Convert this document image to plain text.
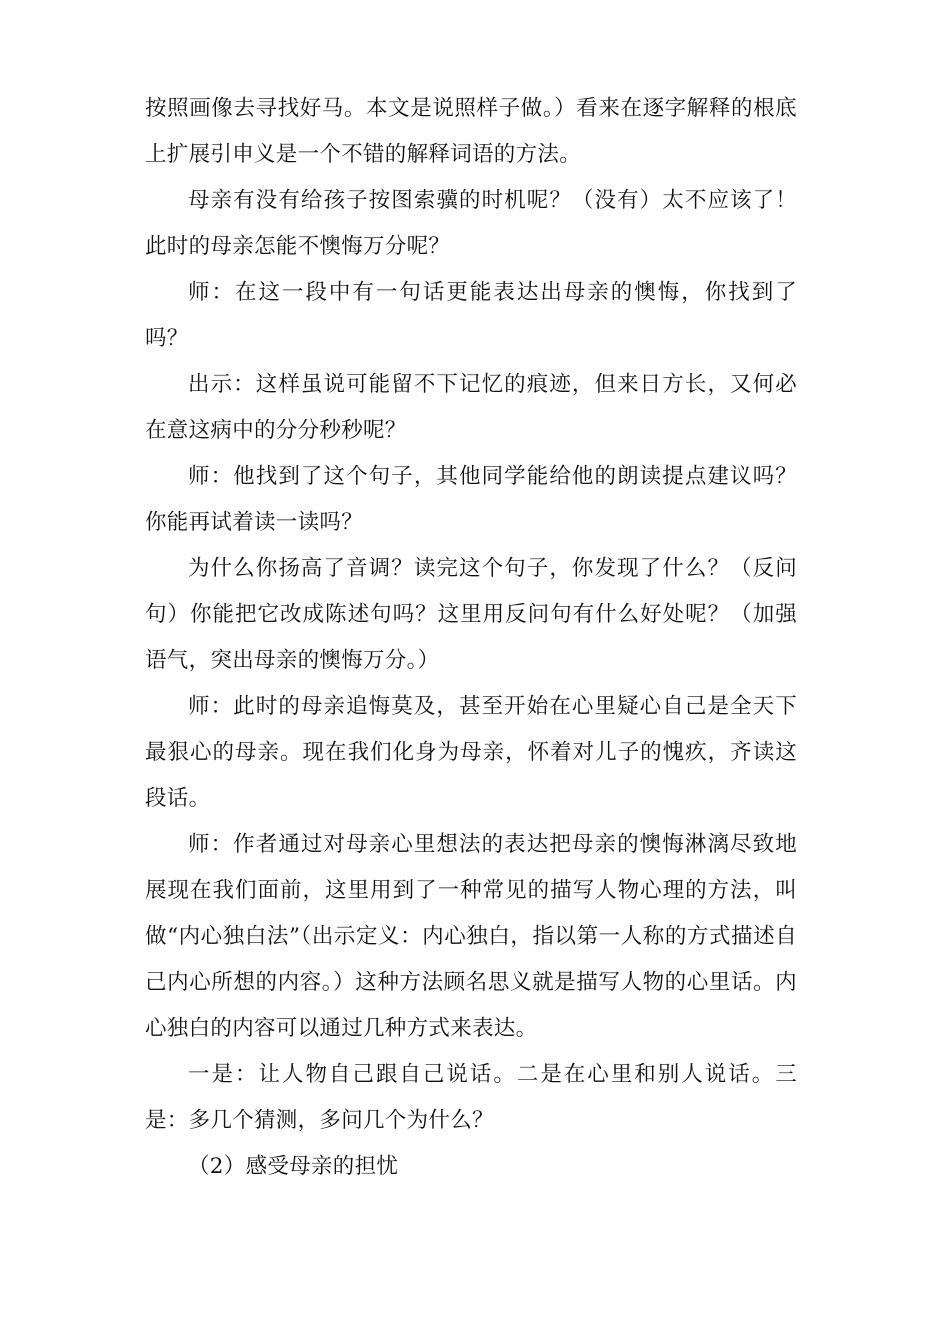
按照画像去寻找好马。本文是说照样子做。）看来在逐字解释的根底上扩展引申义是一个不错的解释词语的方法。

母亲有没有给孩子按图索骥的时机呢？（没有）太不应该了！此时的母亲怎能不懊悔万分呢？

师：在这一段中有一句话更能表达出母亲的懊悔，你找到了吗？

出示：这样虽说可能留不下记忆的痕迹，但来日方长，又何必在意这病中的分分秒秒呢？

师：他找到了这个句子，其他同学能给他的朗读提点建议吗？你能再试着读一读吗？

为什么你扬高了音调？读完这个句子，你发现了什么？（反问句）你能把它改成陈述句吗？这里用反问句有什么好处呢？（加强语气，突出母亲的懊悔万分。）

师：此时的母亲追悔莫及，甚至开始在心里疑心自己是全天下最狠心的母亲。现在我们化身为母亲，怀着对儿子的愧疚，齐读这段话。

师：作者通过对母亲心里想法的表达把母亲的懊悔淋漓尽致地展现在我们面前，这里用到了一种常见的描写人物心理的方法，叫做“内心独白法”（出示定义：内心独白，指以第一人称的方式描述自己内心所想的内容。）这种方法顾名思义就是描写人物的心里话。内心独白的内容可以通过几种方式来表达。

一是：让人物自己跟自己说话。二是在心里和别人说话。三是：多几个猜测，多问几个为什么？

（2）感受母亲的担忧
